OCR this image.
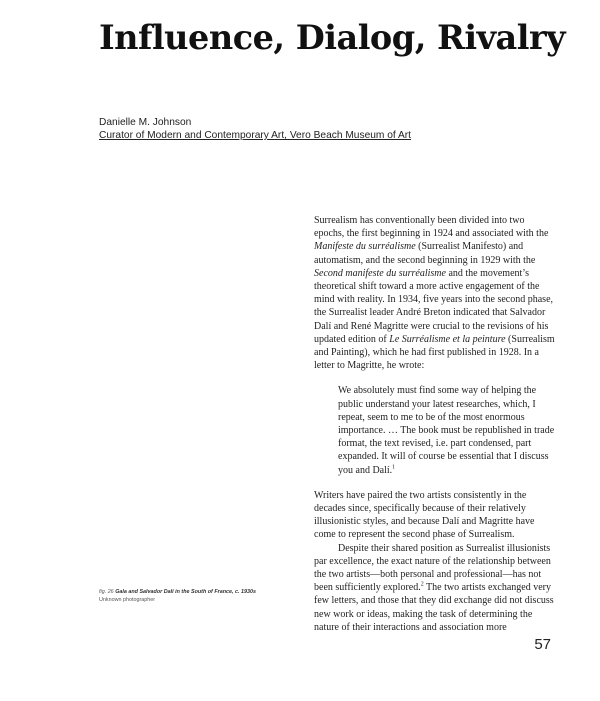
Influence, Dialog, Rivalry
Danielle M. Johnson
Curator of Modern and Contemporary Art, Vero Beach Museum of Art

Surrealism has conventionally been divided into two epochs, the first beginning in 1924 and associated with the Manifeste du surréalisme (Surrealist Manifesto) and automatism, and the second beginning in 1929 with the Second manifeste du surréalisme and the movement’s theoretical shift toward a more active engagement of the mind with reality. In 1934, five years into the second phase, the Surrealist leader André Breton indicated that Salvador Dalí and René Magritte were crucial to the revisions of his updated edition of Le Surréalisme et la peinture (Surrealism and Painting), which he had first published in 1928. In a letter to Magritte, he wrote:

We absolutely must find some way of helping the public understand your latest researches, which, I repeat, seem to me to be of the most enormous importance. … The book must be republished in trade format, the text revised, i.e. part condensed, part expanded. It will of course be essential that I discuss you and Dalí.$^1$

Writers have paired the two artists consistently in the decades since, specifically because of their relatively illusionistic styles, and because Dalí and Magritte have come to represent the second phase of Surrealism.

Despite their shared position as Surrealist illusionists par excellence, the exact nature of the relationship between the two artists—both personal and professional—has not been sufficiently explored.$^2$ The two artists exchanged very few letters, and those that they did exchange did not discuss new work or ideas, making the task of determining the nature of their interactions and association more

fig. 26 Gala and Salvador Dalí in the South of France, c. 1930s
Unknown photographer
57
